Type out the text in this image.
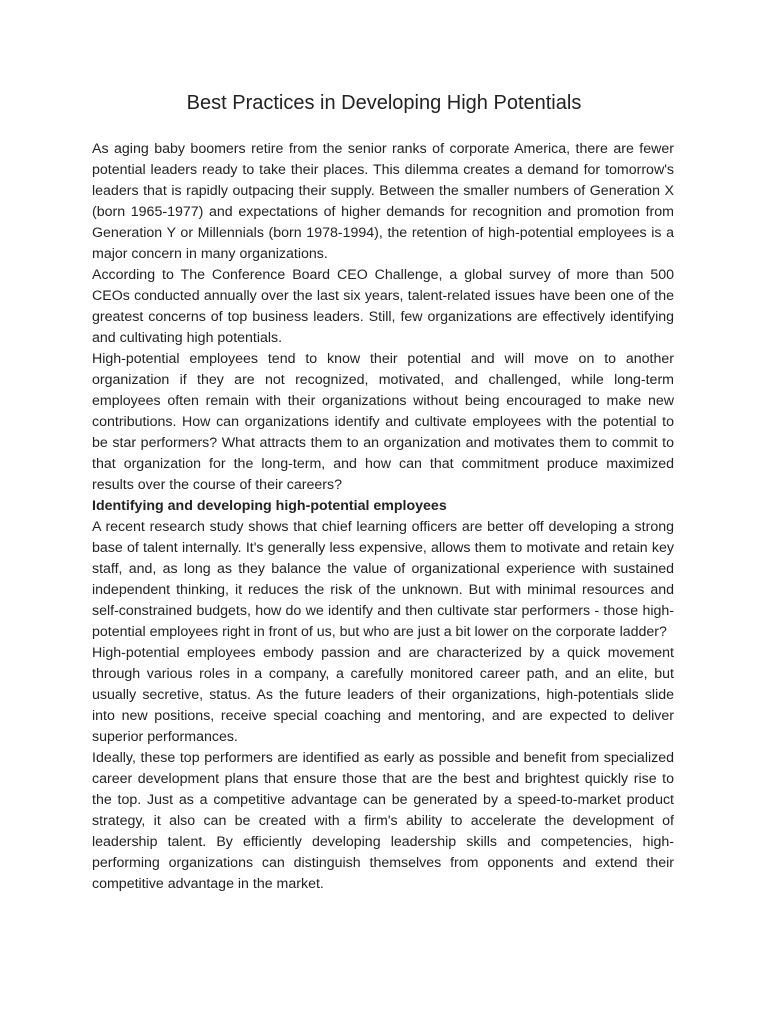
Best Practices in Developing High Potentials

As aging baby boomers retire from the senior ranks of corporate America, there are fewer potential leaders ready to take their places. This dilemma creates a demand for tomorrow's leaders that is rapidly outpacing their supply. Between the smaller numbers of Generation X (born 1965-1977) and expectations of higher demands for recognition and promotion from Generation Y or Millennials (born 1978-1994), the retention of high-potential employees is a major concern in many organizations.

According to The Conference Board CEO Challenge, a global survey of more than 500 CEOs conducted annually over the last six years, talent-related issues have been one of the greatest concerns of top business leaders. Still, few organizations are effectively identifying and cultivating high potentials.

High-potential employees tend to know their potential and will move on to another organization if they are not recognized, motivated, and challenged, while long-term employees often remain with their organizations without being encouraged to make new contributions. How can organizations identify and cultivate employees with the potential to be star performers? What attracts them to an organization and motivates them to commit to that organization for the long-term, and how can that commitment produce maximized results over the course of their careers?

Identifying and developing high-potential employees

A recent research study shows that chief learning officers are better off developing a strong base of talent internally. It's generally less expensive, allows them to motivate and retain key staff, and, as long as they balance the value of organizational experience with sustained independent thinking, it reduces the risk of the unknown. But with minimal resources and self-constrained budgets, how do we identify and then cultivate star performers - those high-potential employees right in front of us, but who are just a bit lower on the corporate ladder?

High-potential employees embody passion and are characterized by a quick movement through various roles in a company, a carefully monitored career path, and an elite, but usually secretive, status. As the future leaders of their organizations, high-potentials slide into new positions, receive special coaching and mentoring, and are expected to deliver superior performances.

Ideally, these top performers are identified as early as possible and benefit from specialized career development plans that ensure those that are the best and brightest quickly rise to the top. Just as a competitive advantage can be generated by a speed-to-market product strategy, it also can be created with a firm's ability to accelerate the development of leadership talent. By efficiently developing leadership skills and competencies, high-performing organizations can distinguish themselves from opponents and extend their competitive advantage in the market.
